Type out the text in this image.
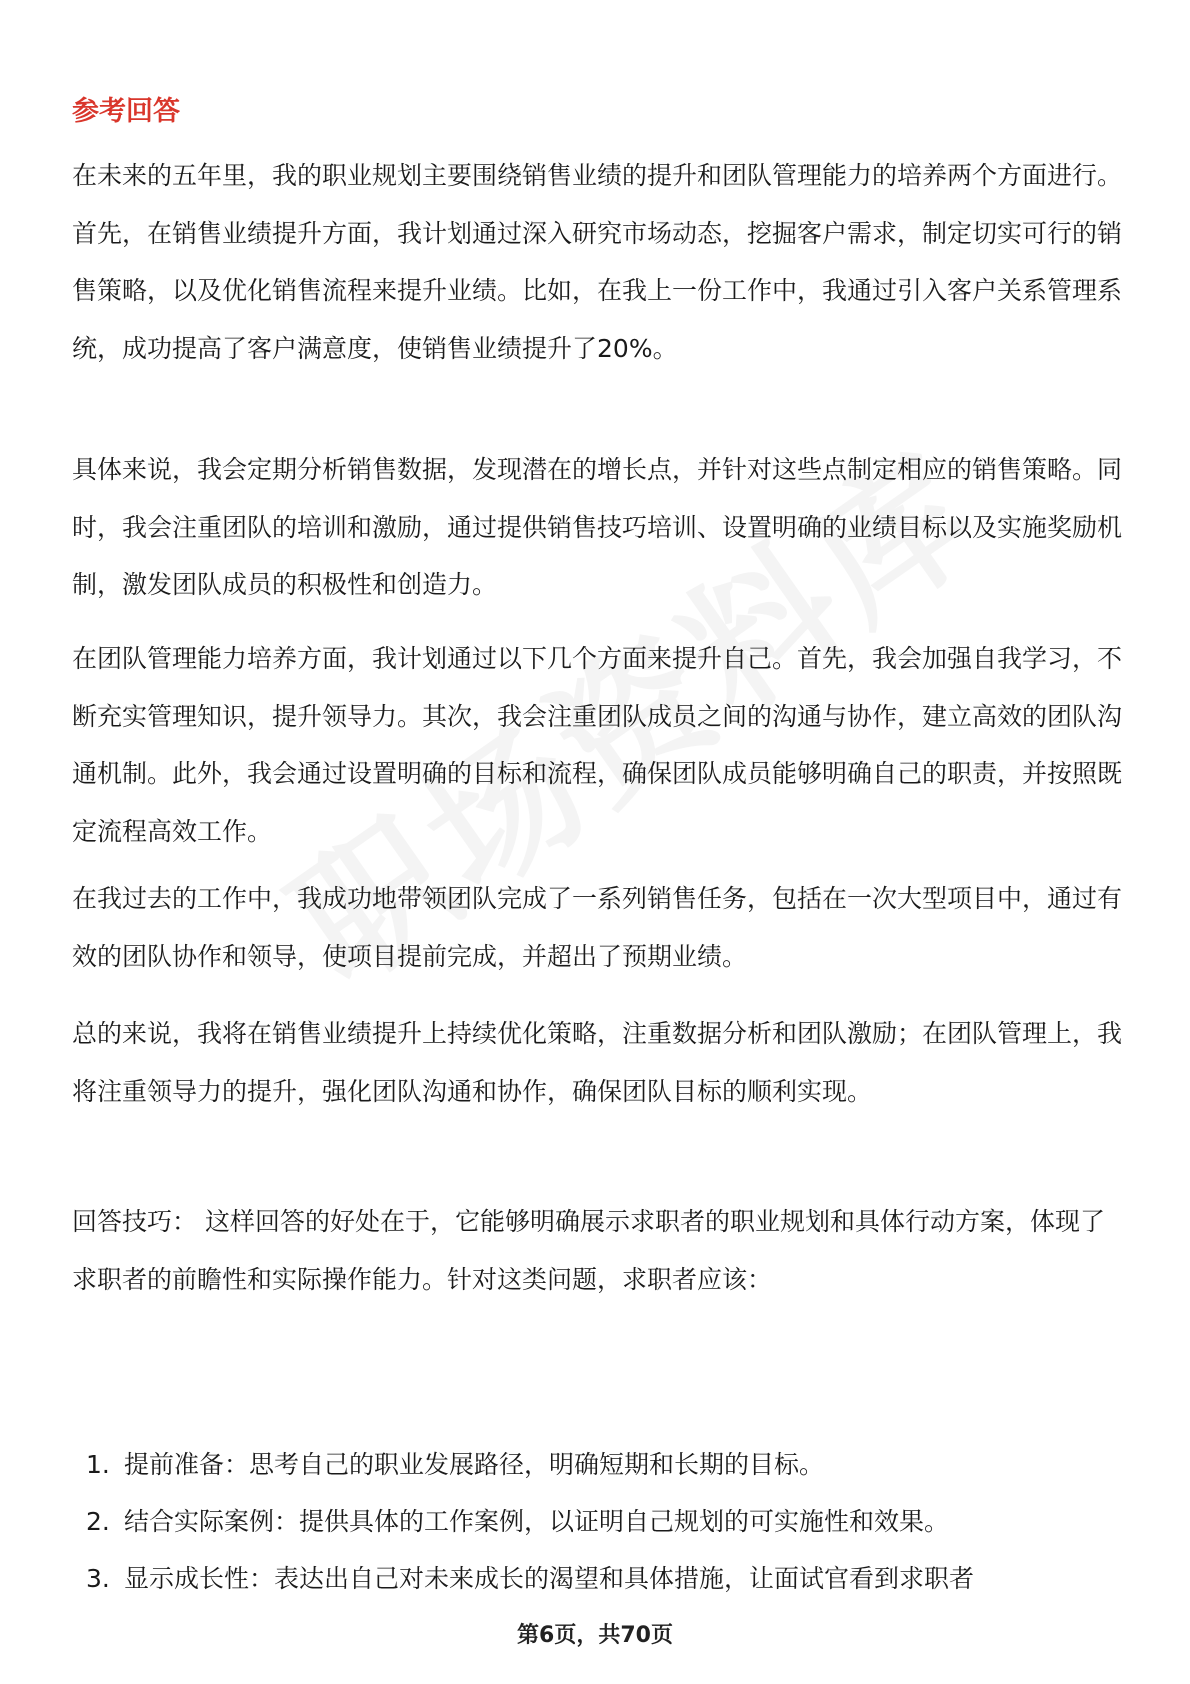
参考回答

在未来的五年里，我的职业规划主要围绕销售业绩的提升和团队管理能力的培养两个方面进行。首先，在销售业绩提升方面，我计划通过深入研究市场动态，挖掘客户需求，制定切实可行的销售策略，以及优化销售流程来提升业绩。比如，在我上一份工作中，我通过引入客户关系管理系统，成功提高了客户满意度，使销售业绩提升了20%。

具体来说，我会定期分析销售数据，发现潜在的增长点，并针对这些点制定相应的销售策略。同时，我会注重团队的培训和激励，通过提供销售技巧培训、设置明确的业绩目标以及实施奖励机制，激发团队成员的积极性和创造力。

在团队管理能力培养方面，我计划通过以下几个方面来提升自己。首先，我会加强自我学习，不断充实管理知识，提升领导力。其次，我会注重团队成员之间的沟通与协作，建立高效的团队沟通机制。此外，我会通过设置明确的目标和流程，确保团队成员能够明确自己的职责，并按照既定流程高效工作。

在我过去的工作中，我成功地带领团队完成了一系列销售任务，包括在一次大型项目中，通过有效的团队协作和领导，使项目提前完成，并超出了预期业绩。

总的来说，我将在销售业绩提升上持续优化策略，注重数据分析和团队激励；在团队管理上，我将注重领导力的提升，强化团队沟通和协作，确保团队目标的顺利实现。

回答技巧： 这样回答的好处在于，它能够明确展示求职者的职业规划和具体行动方案，体现了求职者的前瞻性和实际操作能力。针对这类问题，求职者应该：

1. 提前准备：思考自己的职业发展路径，明确短期和长期的目标。
2. 结合实际案例：提供具体的工作案例，以证明自己规划的可实施性和效果。
3. 显示成长性：表达出自己对未来成长的渴望和具体措施，让面试官看到求职者
第6页，共70页
